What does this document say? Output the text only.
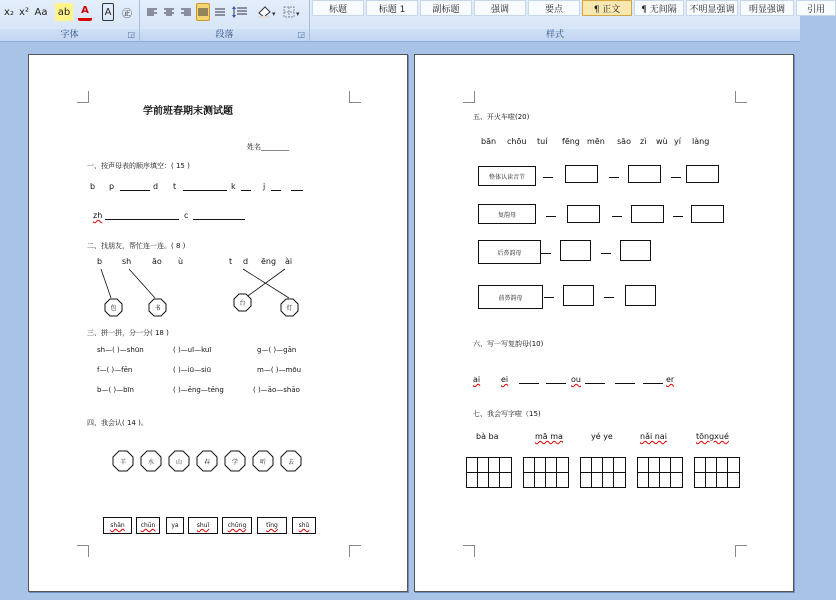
x₂ x² Aa ab	A	A ㊣
字体	◲
▾	▾
段落	◲
标题	标题 1	副标题	强调	要点	¶ 正文	¶ 无间隔	不明显强调	明显强调	引用
样式
学前班春期末测试题
姓名________
一、按声母表的顺序填空：( 15 )
b p	d t	k	j
zh	c
二、找朋友，帮忙连一连。( 8 )
b sh	āo ù	t d ēng ài
包	书
台
灯
三、拼一拼，分一分( 18 )
sh—( )—shūn	( )—uī—kuī	g—( )—gān
f—( )—fēn	( )—iū—siū	m—( )—mōu
b—( )—bīn	( )—ēng—tēng	( )—āo—shāo
四、我会认( 14 )。
羊	水	山	春	学	听	去
shān	chūn	ya	shuǐ	chūng	tīng	shǔ
五、开火车啦(20)
bān chōu tuí fēng mēn sāo zì wù yí làng
整体认读音节
复韵母
后鼻韵母
前鼻韵母
六、写一写复韵母(10)
ai	ei	ou	er
七、我会写字啦（15)
bà ba	mā ma	yé ye	nǎi nai	tōngxué
